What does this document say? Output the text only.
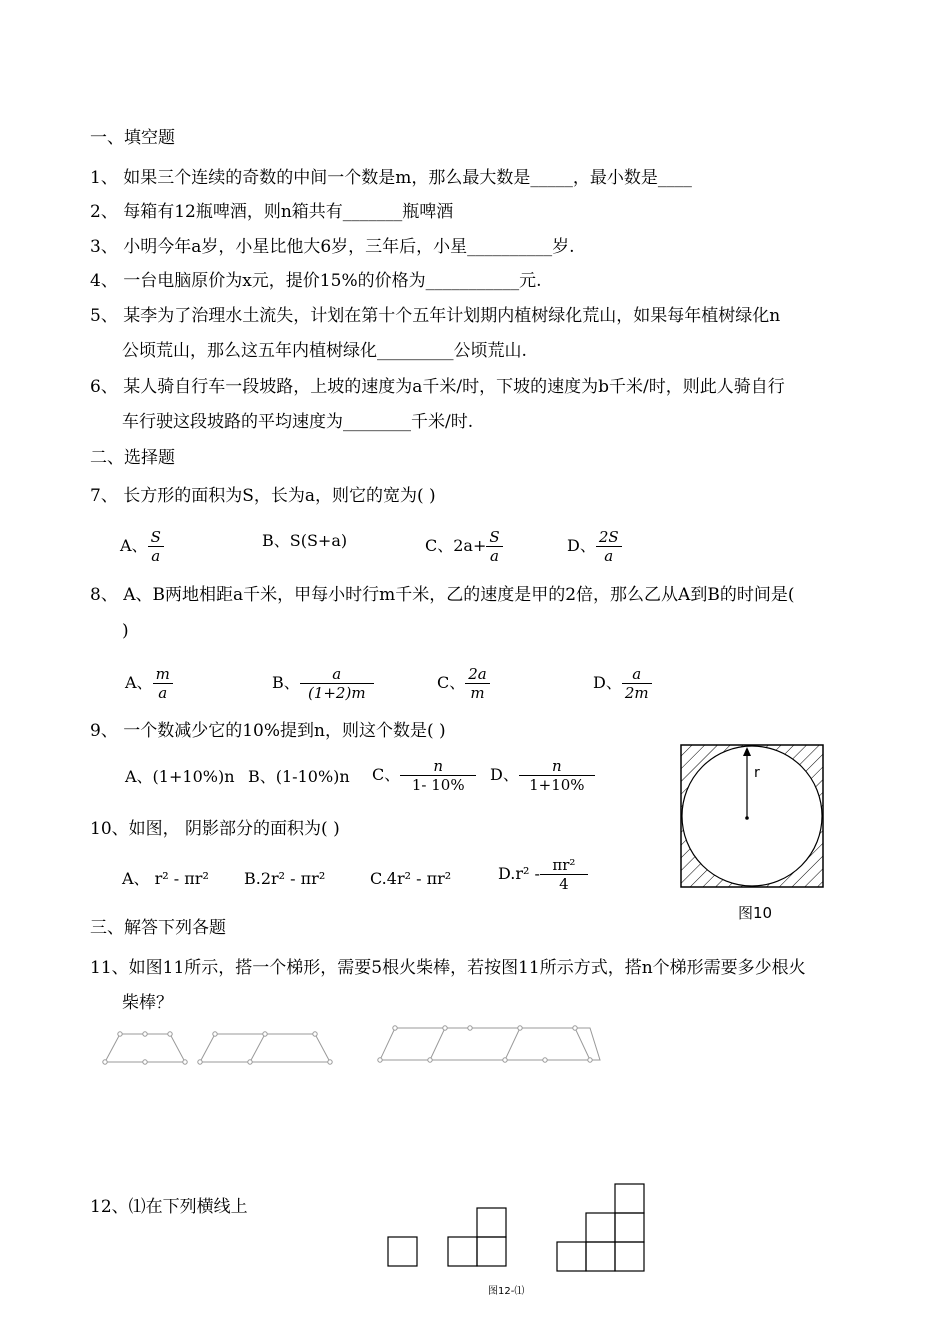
一、填空题
1、 如果三个连续的奇数的中间一个数是m，那么最大数是_____，最小数是____
2、 每箱有12瓶啤酒，则n箱共有_______瓶啤酒
3、 小明今年a岁，小星比他大6岁，三年后，小星__________岁.
4、 一台电脑原价为x元，提价15%的价格为___________元.
5、 某李为了治理水土流失，计划在第十个五年计划期内植树绿化荒山，如果每年植树绿化n
公顷荒山，那么这五年内植树绿化_________公顷荒山.
6、 某人骑自行车一段坡路，上坡的速度为a千米/时，下坡的速度为b千米/时，则此人骑自行
车行驶这段坡路的平均速度为________千米/时.
二、选择题
7、 长方形的面积为S，长为a，则它的宽为( )
A、 $\frac{S}{a}$	B、S(S+a)	C、$2a+ \frac{S}{a}$	D、 $\frac{2S}{a}$
8、 A、B两地相距a千米，甲每小时行m千米，乙的速度是甲的2倍，那么乙从A到B的时间是(
)
A、 $\frac{m}{a}$	B、 $\frac{a}{(1+2)m}$	C、 $\frac{2a}{m}$	D、 $\frac{a}{2m}$
9、 一个数减少它的10%提到n，则这个数是( )
A、(1+10%)n B、(1-10%)n C、 $\frac{n}{1- 10\%}$ D、 $\frac{n}{1+10\%}$
10、如图， 阴影部分的面积为( )
A、 r² - πr² B.2r² - πr²	C.4r² - πr²	$D.r^2 - \frac{\text{πr²}}{4}$
r
图10
三、解答下列各题
11、如图11所示，搭一个梯形，需要5根火柴棒，若按图11所示方式，搭n个梯形需要多少根火
柴棒？
12、⑴在下列横线上
图12-⑴
